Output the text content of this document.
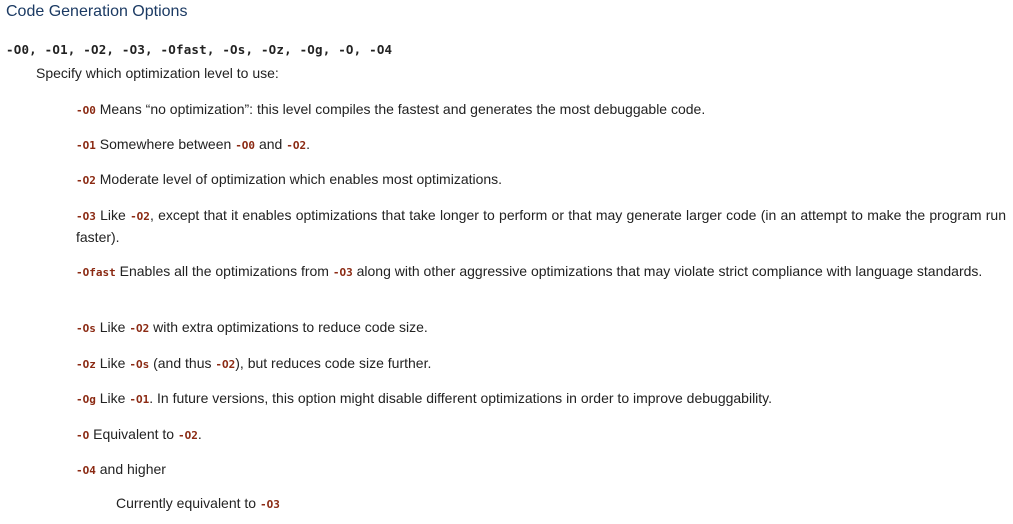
Code Generation Options
-O0, -O1, -O2, -O3, -Ofast, -Os, -Oz, -Og, -O, -O4
Specify which optimization level to use:
-O0 Means “no optimization”: this level compiles the fastest and generates the most debuggable code.
-O1 Somewhere between -O0 and -O2.
-O2 Moderate level of optimization which enables most optimizations.
-O3 Like -O2, except that it enables optimizations that take longer to perform or that may generate larger code (in an attempt to make the program run faster).
-Ofast Enables all the optimizations from -O3 along with other aggressive optimizations that may violate strict compliance with language standards.
-Os Like -O2 with extra optimizations to reduce code size.
-Oz Like -Os (and thus -O2), but reduces code size further.
-Og Like -O1. In future versions, this option might disable different optimizations in order to improve debuggability.
-O Equivalent to -O2.
-O4 and higher
Currently equivalent to -O3
